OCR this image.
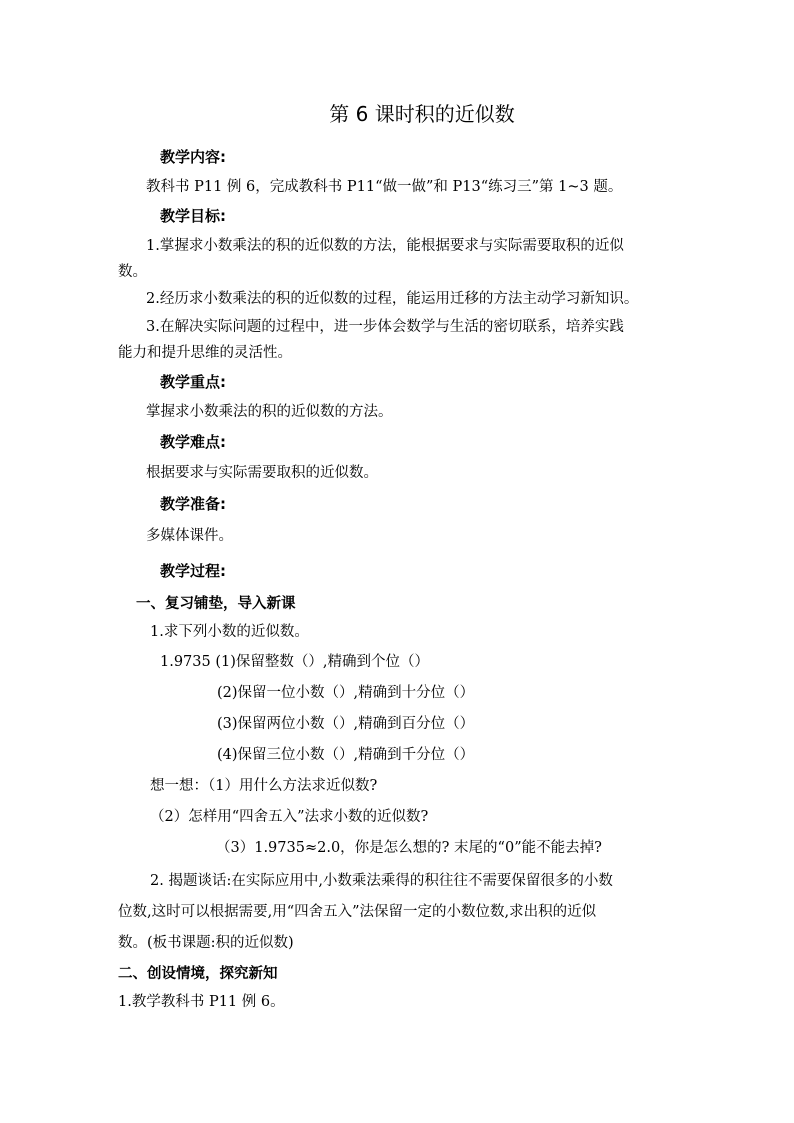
第 6 课时积的近似数
教学内容:
教科书 P11 例 6，完成教科书 P11“做一做”和 P13“练习三”第 1~3 题。
教学目标:
1.掌握求小数乘法的积的近似数的方法，能根据要求与实际需要取积的近似
数。
2.经历求小数乘法的积的近似数的过程，能运用迁移的方法主动学习新知识。
3.在解决实际问题的过程中，进一步体会数学与生活的密切联系，培养实践
能力和提升思维的灵活性。
教学重点:
掌握求小数乘法的积的近似数的方法。
教学难点:
根据要求与实际需要取积的近似数。
教学准备:
多媒体课件。
教学过程:
一、复习铺垫，导入新课
1.求下列小数的近似数。
1.9735 (1)保留整数（）,精确到个位（）
(2)保留一位小数（）,精确到十分位（）
(3)保留两位小数（）,精确到百分位（）
(4)保留三位小数（）,精确到千分位（）
想一想：（1）用什么方法求近似数?
（2）怎样用“四舍五入”法求小数的近似数?
（3）1.9735≈2.0，你是怎么想的? 末尾的“0”能不能去掉?
2. 揭题谈话:在实际应用中,小数乘法乘得的积往往不需要保留很多的小数
位数,这时可以根据需要,用“四舍五入”法保留一定的小数位数,求出积的近似
数。(板书课题:积的近似数)
二、创设情境，探究新知
1.教学教科书 P11 例 6。
